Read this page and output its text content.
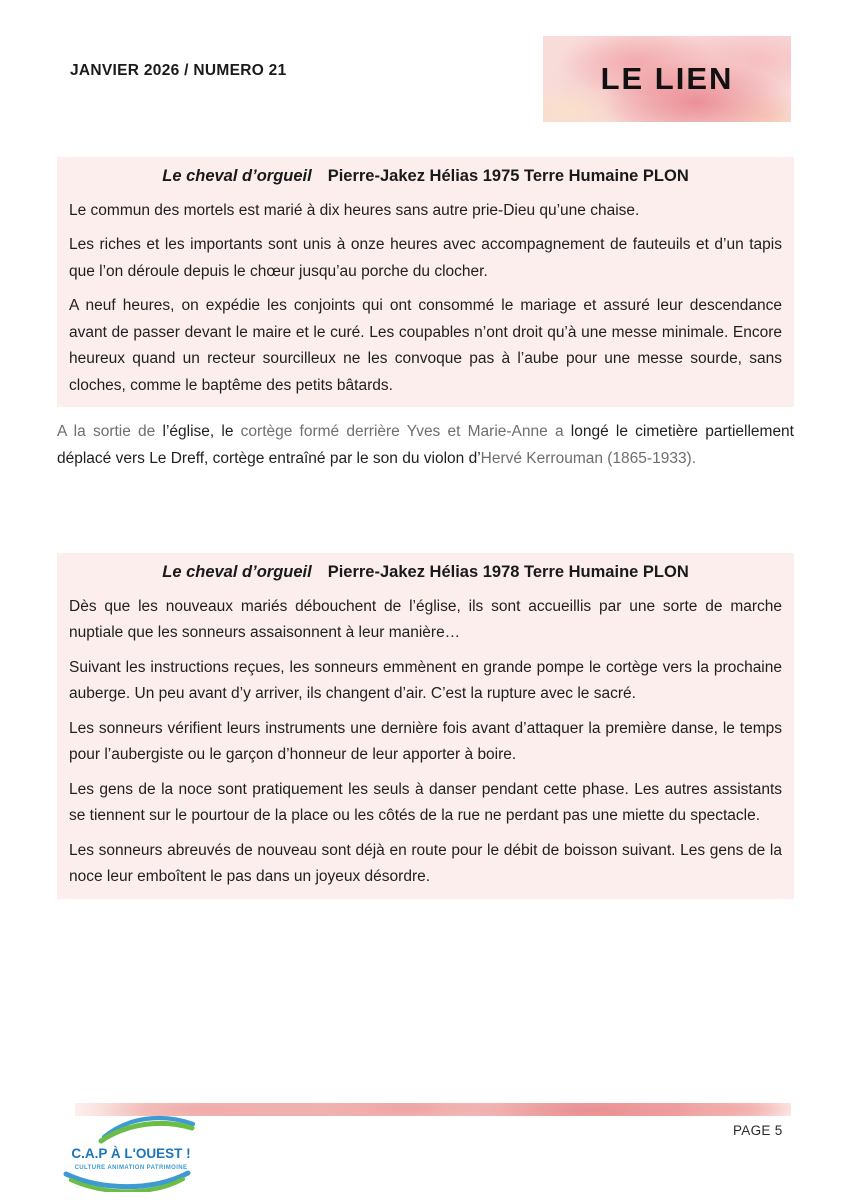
JANVIER 2026 / NUMERO 21	LE LIEN
Le cheval d’orgueil Pierre-Jakez Hélias 1975 Terre Humaine PLON

Le commun des mortels est marié à dix heures sans autre prie-Dieu qu’une chaise.

Les riches et les importants sont unis à onze heures avec accompagnement de fauteuils et d’un tapis que l’on déroule depuis le chœur jusqu’au porche du clocher.

A neuf heures, on expédie les conjoints qui ont consommé le mariage et assuré leur descendance avant de passer devant le maire et le curé. Les coupables n’ont droit qu’à une messe minimale. Encore heureux quand un recteur sourcilleux ne les convoque pas à l’aube pour une messe sourde, sans cloches, comme le baptême des petits bâtards.

A la sortie de l’église, le cortège formé derrière Yves et Marie-Anne a longé le cimetière partiellement déplacé vers Le Dreff, cortège entraîné par le son du violon d’Hervé Kerrouman (1865-1933).

Le cheval d’orgueil Pierre-Jakez Hélias 1978 Terre Humaine PLON

Dès que les nouveaux mariés débouchent de l’église, ils sont accueillis par une sorte de marche nuptiale que les sonneurs assaisonnent à leur manière…

Suivant les instructions reçues, les sonneurs emmènent en grande pompe le cortège vers la prochaine auberge. Un peu avant d’y arriver, ils changent d’air. C’est la rupture avec le sacré.

Les sonneurs vérifient leurs instruments une dernière fois avant d’attaquer la première danse, le temps pour l’aubergiste ou le garçon d’honneur de leur apporter à boire.

Les gens de la noce sont pratiquement les seuls à danser pendant cette phase. Les autres assistants se tiennent sur le pourtour de la place ou les côtés de la rue ne perdant pas une miette du spectacle.

Les sonneurs abreuvés de nouveau sont déjà en route pour le débit de boisson suivant. Les gens de la noce leur emboîtent le pas dans un joyeux désordre.

C.A.P À L'OUEST !
CULTURE ANIMATION PATRIMOINE
PAGE 5
